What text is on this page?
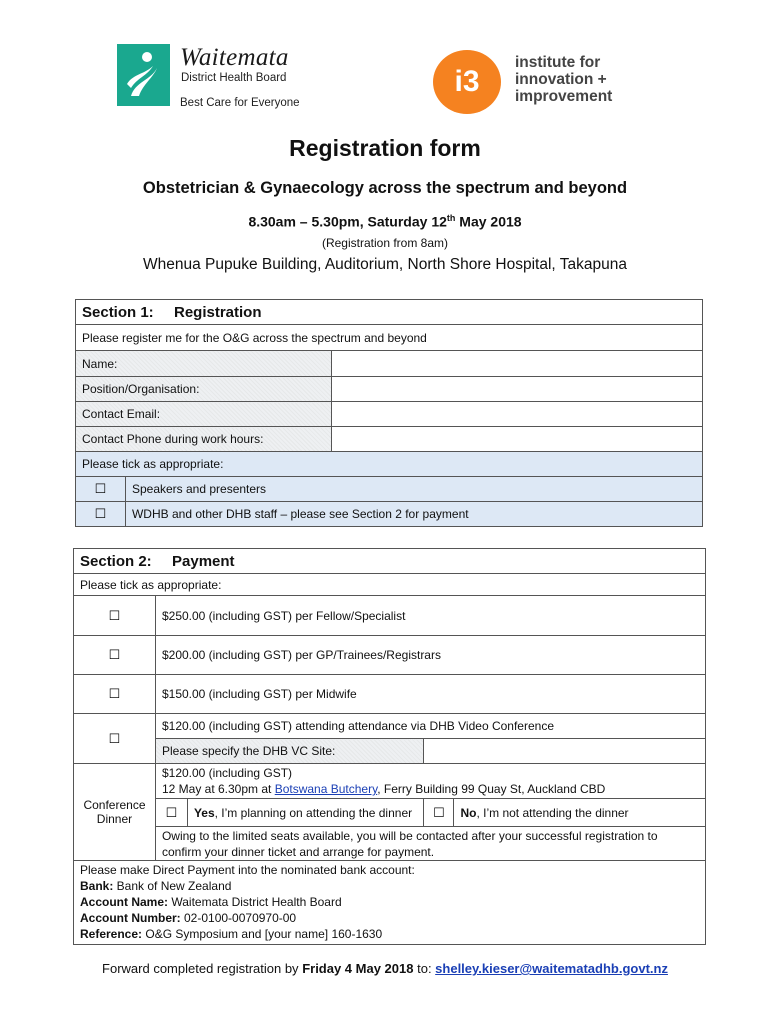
Waitemata
District Health Board
Best Care for Everyone
i3
institute for
innovation +
improvement
Registration form
Obstetrician & Gynaecology across the spectrum and beyond
8.30am – 5.30pm, Saturday 12th May 2018
(Registration from 8am)
Whenua Pupuke Building, Auditorium, North Shore Hospital, Takapuna
Section 1: Registration		
Please register me for the O&G across the spectrum and beyond		
Name:		
Position/Organisation:		
Contact Email:		
Contact Phone during work hours:		
Please tick as appropriate:		
☐	Speakers and presenters	
☐	WDHB and other DHB staff – please see Section 2 for payment	
Section 2: Payment				
Please tick as appropriate:				
☐	$250.00 (including GST) per Fellow/Specialist			
☐	$200.00 (including GST) per GP/Trainees/Registrars			
☐	$150.00 (including GST) per Midwife			
☐	$120.00 (including GST) attending attendance via DHB Video Conference			
	Please specify the DHB VC Site:			
Conference
Dinner	$120.00 (including GST)
12 May at 6.30pm at Botswana Butchery, Ferry Building 99 Quay St, Auckland CBD			
	☐	Yes, I’m planning on attending the dinner	☐	No, I’m not attending the dinner
	Owing to the limited seats available, you will be contacted after your successful registration to confirm your dinner ticket and arrange for payment.			
Please make Direct Payment into the nominated bank account:
Bank: Bank of New Zealand
Account Name: Waitemata District Health Board
Account Number: 02-0100-0070970-00
Reference: O&G Symposium and [your name] 160-1630				
Forward completed registration by Friday 4 May 2018 to: shelley.kieser@waitematadhb.govt.nz
